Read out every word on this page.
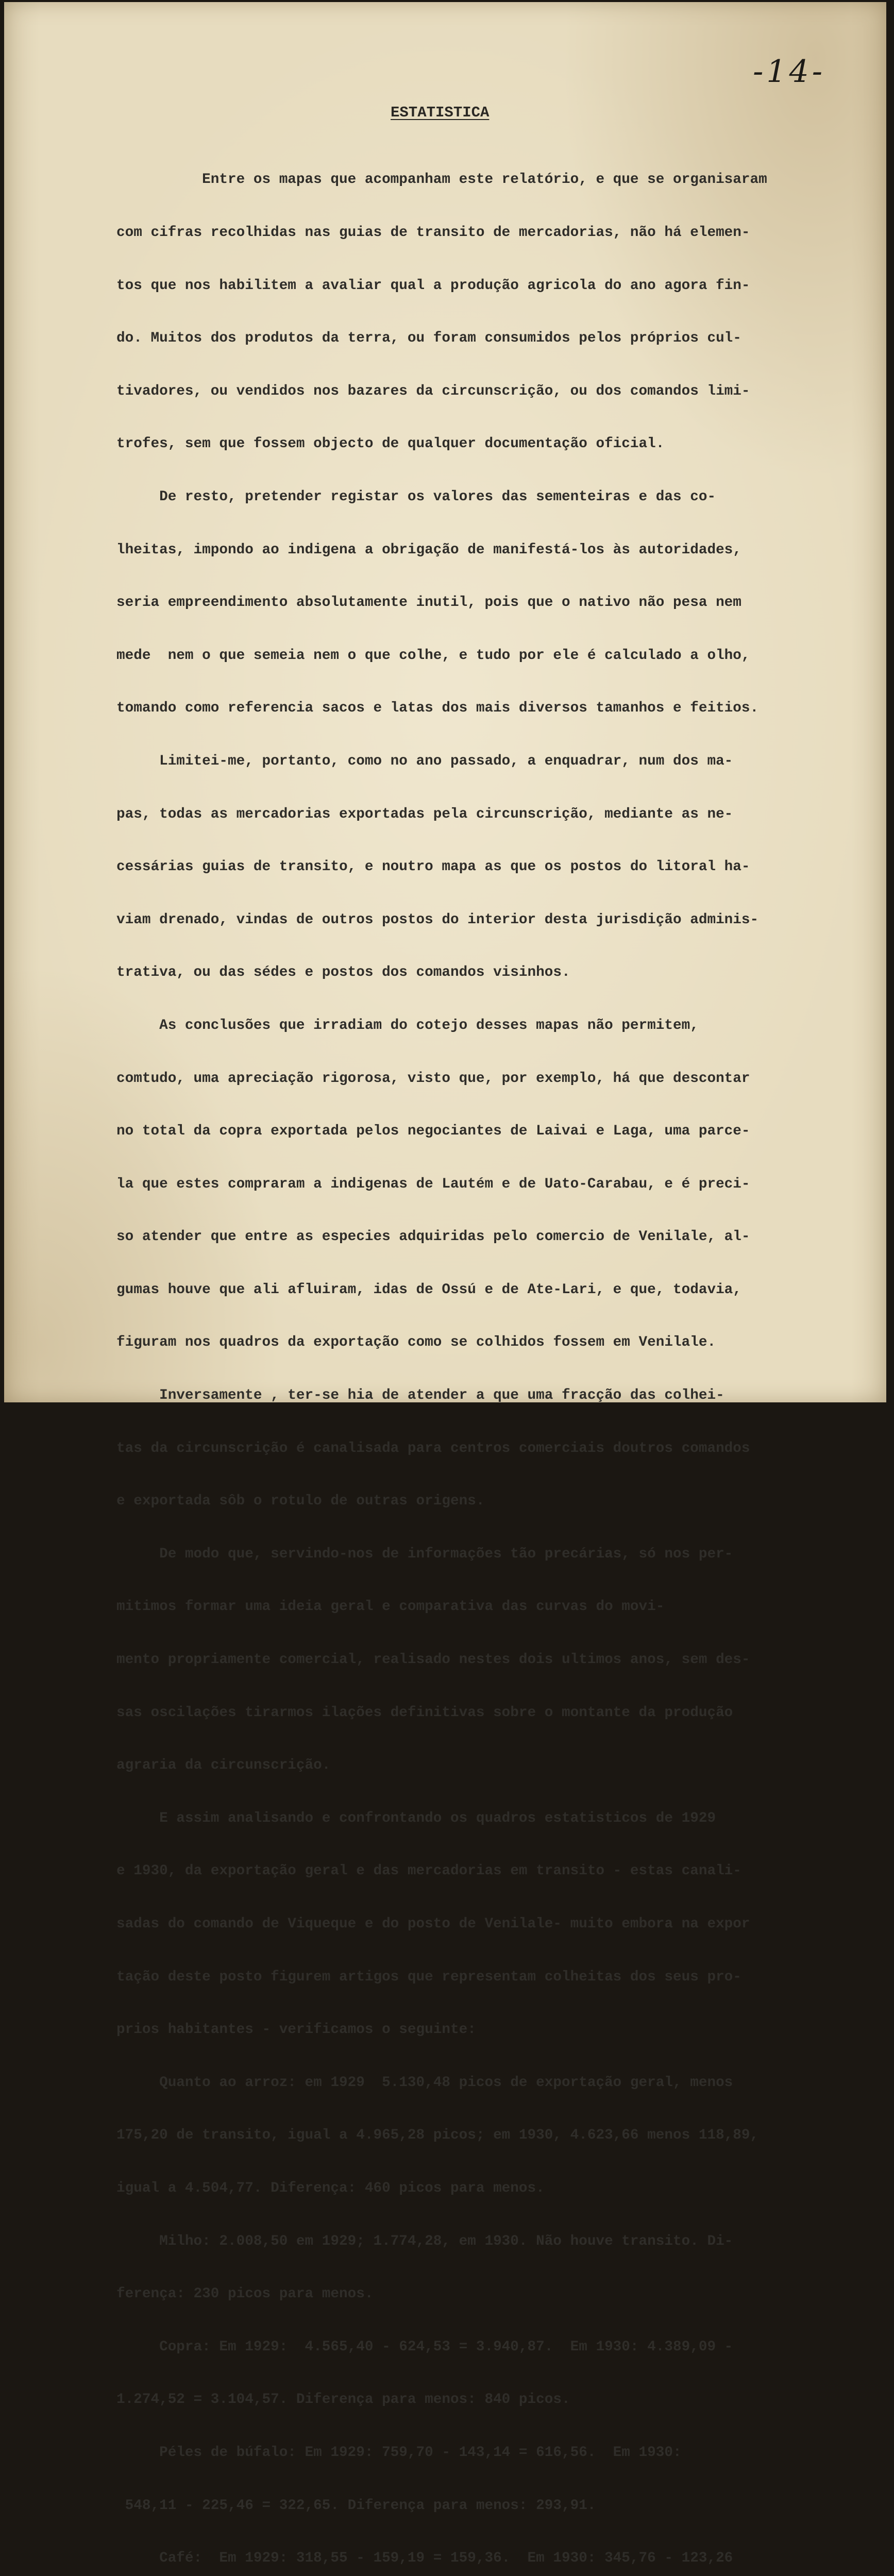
-14-
ESTATISTICA

Entre os mapas que acompanham este relatório, e que se organisaram

com cifras recolhidas nas guias de transito de mercadorias, não há elemen-

tos que nos habilitem a avaliar qual a produção agricola do ano agora fin-

do. Muitos dos produtos da terra, ou foram consumidos pelos próprios cul-

tivadores, ou vendidos nos bazares da circunscrição, ou dos comandos limi-

trofes, sem que fossem objecto de qualquer documentação oficial.

De resto, pretender registar os valores das sementeiras e das co-

lheitas, impondo ao indigena a obrigação de manifestá-los às autoridades,

seria empreendimento absolutamente inutil, pois que o nativo não pesa nem

mede  nem o que semeia nem o que colhe, e tudo por ele é calculado a olho,

tomando como referencia sacos e latas dos mais diversos tamanhos e feitios.

Limitei-me, portanto, como no ano passado, a enquadrar, num dos ma-

pas, todas as mercadorias exportadas pela circunscrição, mediante as ne-

cessárias guias de transito, e noutro mapa as que os postos do litoral ha-

viam drenado, vindas de outros postos do interior desta jurisdição adminis-

trativa, ou das sédes e postos dos comandos visinhos.

As conclusões que irradiam do cotejo desses mapas não permitem,

comtudo, uma apreciação rigorosa, visto que, por exemplo, há que descontar

no total da copra exportada pelos negociantes de Laivai e Laga, uma parce-

la que estes compraram a indigenas de Lautém e de Uato-Carabau, e é preci-

so atender que entre as especies adquiridas pelo comercio de Venilale, al-

gumas houve que ali afluiram, idas de Ossú e de Ate-Lari, e que, todavia,

figuram nos quadros da exportação como se colhidos fossem em Venilale.

Inversamente , ter-se hia de atender a que uma fracção das colhei-

tas da circunscrição é canalisada para centros comerciais doutros comandos

e exportada sôb o rotulo de outras origens.

De modo que, servindo-nos de informações tão precárias, só nos per-

mitimos formar uma ideia geral e comparativa das curvas do movi-

mento propriamente comercial, realisado nestes dois ultimos anos, sem des-

sas oscilações tirarmos ilações definitivas sobre o montante da produção

agraria da circunscrição.

E assim analisando e confrontando os quadros estatisticos de 1929

e 1930, da exportação geral e das mercadorias em transito - estas canali-

sadas do comando de Viqueque e do posto de Venilale- muito embora na expor

tação deste posto figurem artigos que representam colheitas dos seus pro-

prios habitantes - verificamos o seguinte:

Quanto ao arroz: em 1929  5.130,48 picos de exportação geral, menos

175,20 de transito, igual a 4.965,28 picos; em 1930, 4.623,66 menos 118,89,

igual a 4.504,77. Diferença: 460 picos para menos.

Milho: 2.008,50 em 1929; 1.774,28, em 1930. Não houve transito. Di-

ferença: 230 picos para menos.

Copra: Em 1929:  4.565,40 - 624,53 = 3.940,87.  Em 1930: 4.389,09 -

1.274,52 = 3.104,57. Diferença para menos: 840 picos.

Péles de búfalo: Em 1929: 759,70 - 143,14 = 616,56.  Em 1930:

548,11 - 225,46 = 322,65. Diferença para menos: 293,91.

Café:  Em 1929: 318,55 - 159,19 = 159,36.  Em 1930: 345,76 - 123,26
